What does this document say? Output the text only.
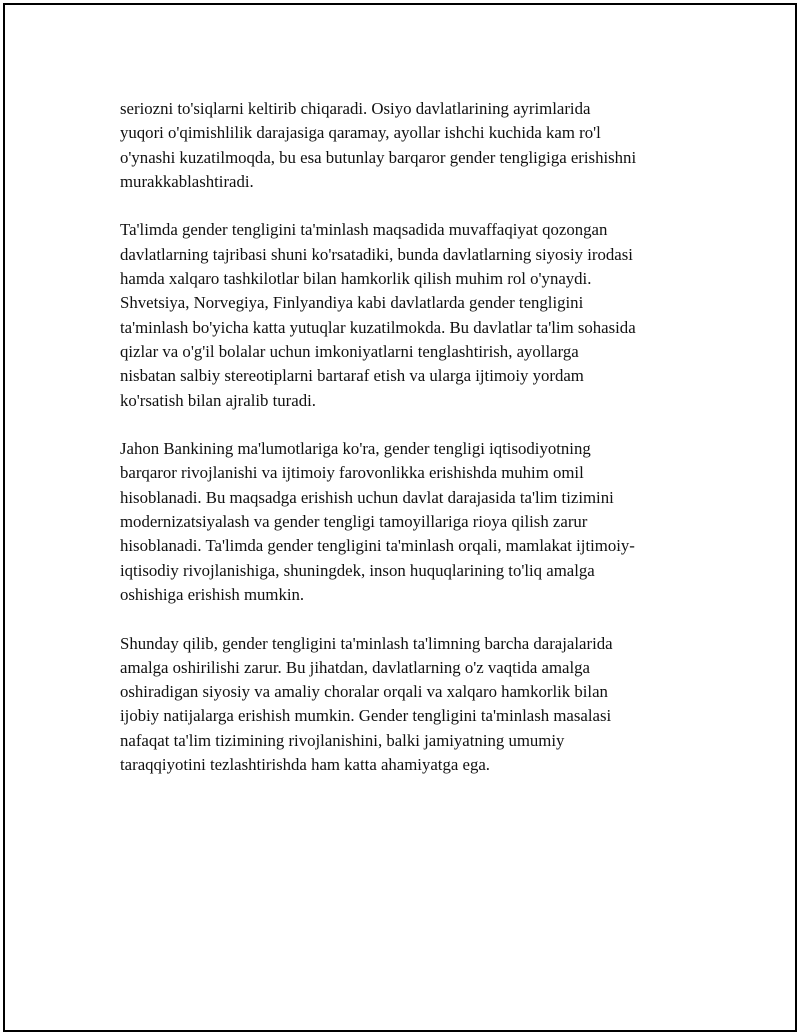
seriozni to'siqlarni keltirib chiqaradi. Osiyo davlatlarining ayrimlarida
yuqori o'qimishlilik darajasiga qaramay, ayollar ishchi kuchida kam ro'l
o'ynashi kuzatilmoqda, bu esa butunlay barqaror gender tengligiga erishishni
murakkablashtiradi.

Ta'limda gender tengligini ta'minlash maqsadida muvaffaqiyat qozongan
davlatlarning tajribasi shuni ko'rsatadiki, bunda davlatlarning siyosiy irodasi
hamda xalqaro tashkilotlar bilan hamkorlik qilish muhim rol o'ynaydi.
Shvetsiya, Norvegiya, Finlyandiya kabi davlatlarda gender tengligini
ta'minlash bo'yicha katta yutuqlar kuzatilmokda. Bu davlatlar ta'lim sohasida
qizlar va o'g'il bolalar uchun imkoniyatlarni tenglashtirish, ayollarga
nisbatan salbiy stereotiplarni bartaraf etish va ularga ijtimoiy yordam
ko'rsatish bilan ajralib turadi.

Jahon Bankining ma'lumotlariga ko'ra, gender tengligi iqtisodiyotning
barqaror rivojlanishi va ijtimoiy farovonlikka erishishda muhim omil
hisoblanadi. Bu maqsadga erishish uchun davlat darajasida ta'lim tizimini
modernizatsiyalash va gender tengligi tamoyillariga rioya qilish zarur
hisoblanadi. Ta'limda gender tengligini ta'minlash orqali, mamlakat ijtimoiy-
iqtisodiy rivojlanishiga, shuningdek, inson huquqlarining to'liq amalga
oshishiga erishish mumkin.

Shunday qilib, gender tengligini ta'minlash ta'limning barcha darajalarida
amalga oshirilishi zarur. Bu jihatdan, davlatlarning o'z vaqtida amalga
oshiradigan siyosiy va amaliy choralar orqali va xalqaro hamkorlik bilan
ijobiy natijalarga erishish mumkin. Gender tengligini ta'minlash masalasi
nafaqat ta'lim tizimining rivojlanishini, balki jamiyatning umumiy
taraqqiyotini tezlashtirishda ham katta ahamiyatga ega.
